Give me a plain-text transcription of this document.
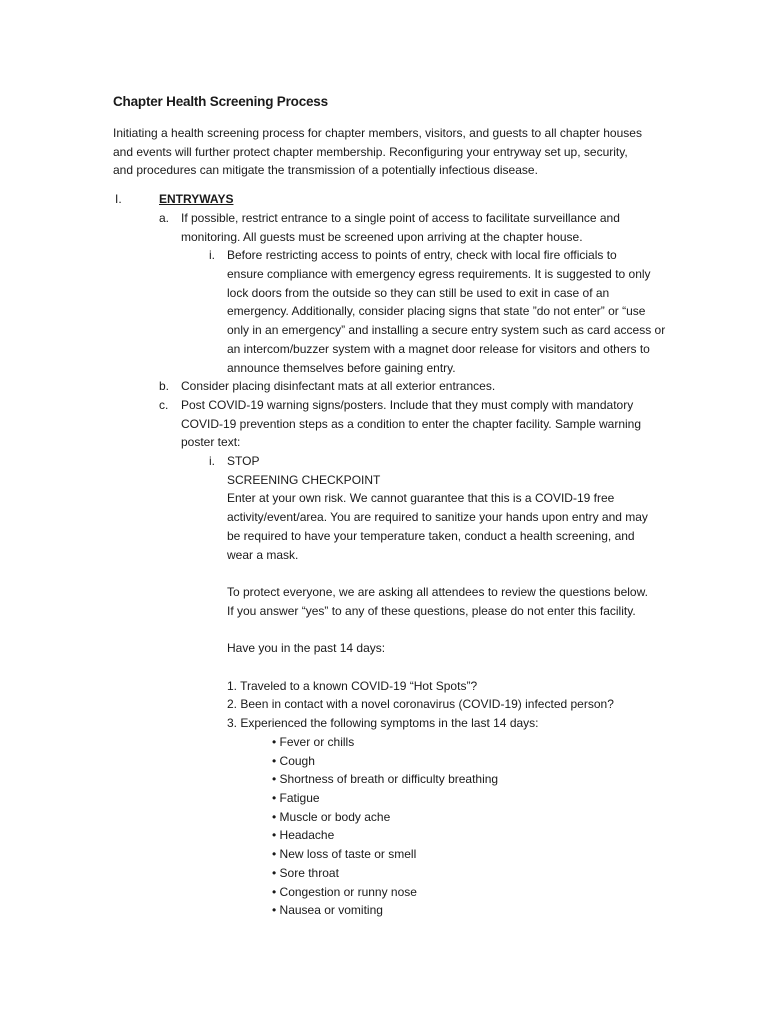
Chapter Health Screening Process
Initiating a health screening process for chapter members, visitors, and guests to all chapter houses
and events will further protect chapter membership. Reconfiguring your entryway set up, security,
and procedures can mitigate the transmission of a potentially infectious disease.
I.	ENTRYWAYS
a. If possible, restrict entrance to a single point of access to facilitate surveillance and
monitoring. All guests must be screened upon arriving at the chapter house.
i. Before restricting access to points of entry, check with local fire officials to
ensure compliance with emergency egress requirements. It is suggested to only
lock doors from the outside so they can still be used to exit in case of an
emergency. Additionally, consider placing signs that state ”do not enter” or “use
only in an emergency” and installing a secure entry system such as card access or
an intercom/buzzer system with a magnet door release for visitors and others to
announce themselves before gaining entry.
b. Consider placing disinfectant mats at all exterior entrances.
c. Post COVID-19 warning signs/posters. Include that they must comply with mandatory
COVID-19 prevention steps as a condition to enter the chapter facility. Sample warning
poster text:
i. STOP
SCREENING CHECKPOINT
Enter at your own risk. We cannot guarantee that this is a COVID-19 free
activity/event/area. You are required to sanitize your hands upon entry and may
be required to have your temperature taken, conduct a health screening, and
wear a mask.
To protect everyone, we are asking all attendees to review the questions below.
If you answer “yes” to any of these questions, please do not enter this facility.
Have you in the past 14 days:
1. Traveled to a known COVID-19 “Hot Spots”?
2. Been in contact with a novel coronavirus (COVID-19) infected person?
3. Experienced the following symptoms in the last 14 days:
• Fever or chills
• Cough
• Shortness of breath or difficulty breathing
• Fatigue
• Muscle or body ache
• Headache
• New loss of taste or smell
• Sore throat
• Congestion or runny nose
• Nausea or vomiting
